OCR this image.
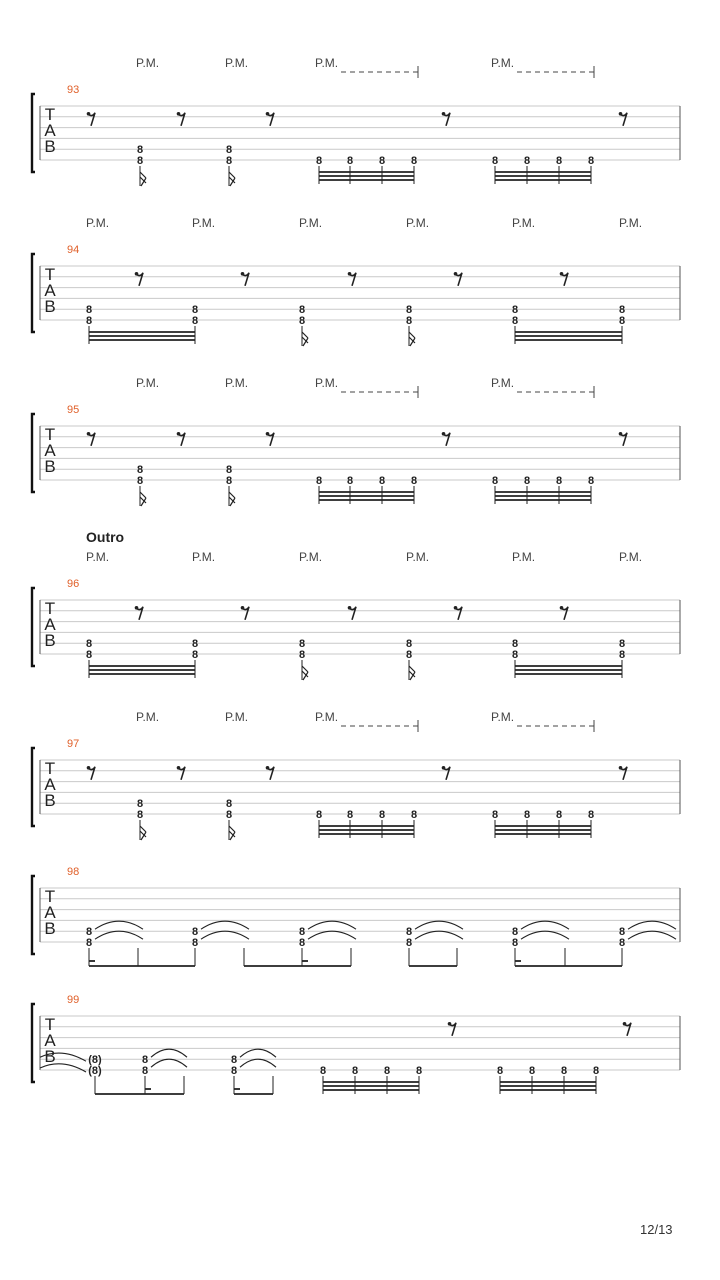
T
A
B	8
8
8
8	8 8 8 8	8 8 8 8
T
A
B	8
8
8
8
8
8
8
8
8
8
8
8
T
A
B	8
8
8
8	8 8 8 8	8 8 8 8
T
A
B	8
8
8
8
8
8
8
8
8
8
8
8
T
A
B	8
8
8
8	8 8 8 8	8 8 8 8
T
A
B	8
8
8
8
8
8
8
8
8
8
8
8
T
A
B	(8)
(8)
8
8
8
8	8 8 8 8	8 8 8 8
93
P.M.	P.M.	P.M.	P.M.
94
P.M.	P.M.	P.M.	P.M.	P.M.	P.M.
95
P.M.	P.M.	P.M.	P.M.
96
Outro
P.M.	P.M.	P.M.	P.M.	P.M.	P.M.
97
P.M.	P.M.	P.M.	P.M.
98
99
12/13
